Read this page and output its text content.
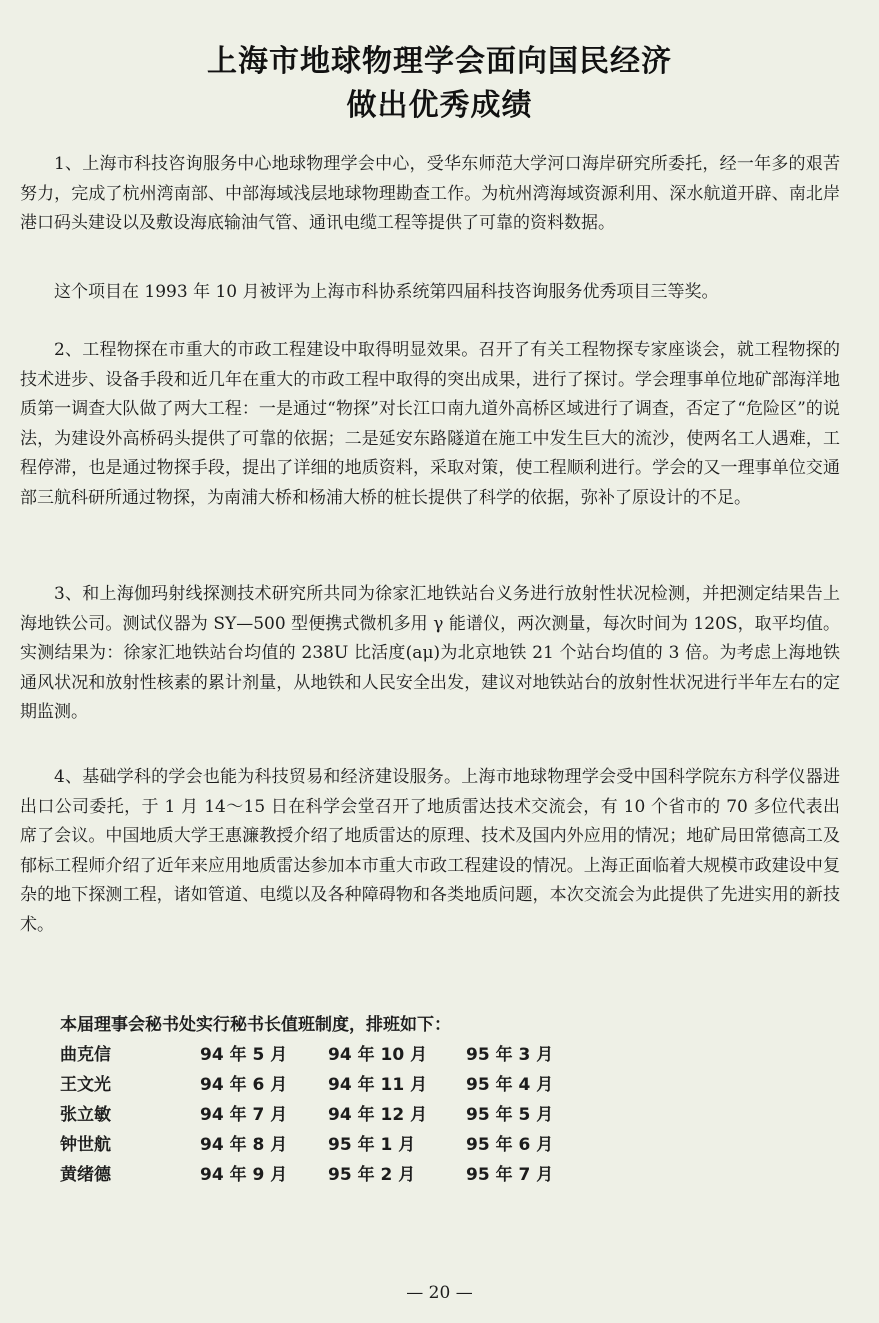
上海市地球物理学会面向国民经济
做出优秀成绩

1、上海市科技咨询服务中心地球物理学会中心，受华东师范大学河口海岸研究所委托，经一年多的艰苦努力，完成了杭州湾南部、中部海域浅层地球物理勘查工作。为杭州湾海域资源利用、深水航道开辟、南北岸港口码头建设以及敷设海底输油气管、通讯电缆工程等提供了可靠的资料数据。

这个项目在 1993 年 10 月被评为上海市科协系统第四届科技咨询服务优秀项目三等奖。

2、工程物探在市重大的市政工程建设中取得明显效果。召开了有关工程物探专家座谈会，就工程物探的技术进步、设备手段和近几年在重大的市政工程中取得的突出成果，进行了探讨。学会理事单位地矿部海洋地质第一调查大队做了两大工程：一是通过“物探”对长江口南九道外高桥区域进行了调查，否定了“危险区”的说法，为建设外高桥码头提供了可靠的依据；二是延安东路隧道在施工中发生巨大的流沙，使两名工人遇难，工程停滞，也是通过物探手段，提出了详细的地质资料，采取对策，使工程顺利进行。学会的又一理事单位交通部三航科研所通过物探，为南浦大桥和杨浦大桥的桩长提供了科学的依据，弥补了原设计的不足。

3、和上海伽玛射线探测技术研究所共同为徐家汇地铁站台义务进行放射性状况检测，并把测定结果告上海地铁公司。测试仪器为 SY—500 型便携式微机多用 γ 能谱仪，两次测量，每次时间为 120S，取平均值。实测结果为：徐家汇地铁站台均值的 238U 比活度(aμ)为北京地铁 21 个站台均值的 3 倍。为考虑上海地铁通风状况和放射性核素的累计剂量，从地铁和人民安全出发，建议对地铁站台的放射性状况进行半年左右的定期监测。

4、基础学科的学会也能为科技贸易和经济建设服务。上海市地球物理学会受中国科学院东方科学仪器进出口公司委托，于 1 月 14～15 日在科学会堂召开了地质雷达技术交流会，有 10 个省市的 70 多位代表出席了会议。中国地质大学王惠濂教授介绍了地质雷达的原理、技术及国内外应用的情况；地矿局田常德高工及郁标工程师介绍了近年来应用地质雷达参加本市重大市政工程建设的情况。上海正面临着大规模市政建设中复杂的地下探测工程，诸如管道、电缆以及各种障碍物和各类地质问题，本次交流会为此提供了先进实用的新技术。

本届理事会秘书处实行秘书长值班制度，排班如下：
曲克信	94 年 5 月 94 年 10 月 95 年 3 月
王文光	94 年 6 月 94 年 11 月 95 年 4 月
张立敏	94 年 7 月 94 年 12 月 95 年 5 月
钟世航	94 年 8 月 95 年 1 月	95 年 6 月
黄绪德	94 年 9 月 95 年 2 月	95 年 7 月
— 20 —
